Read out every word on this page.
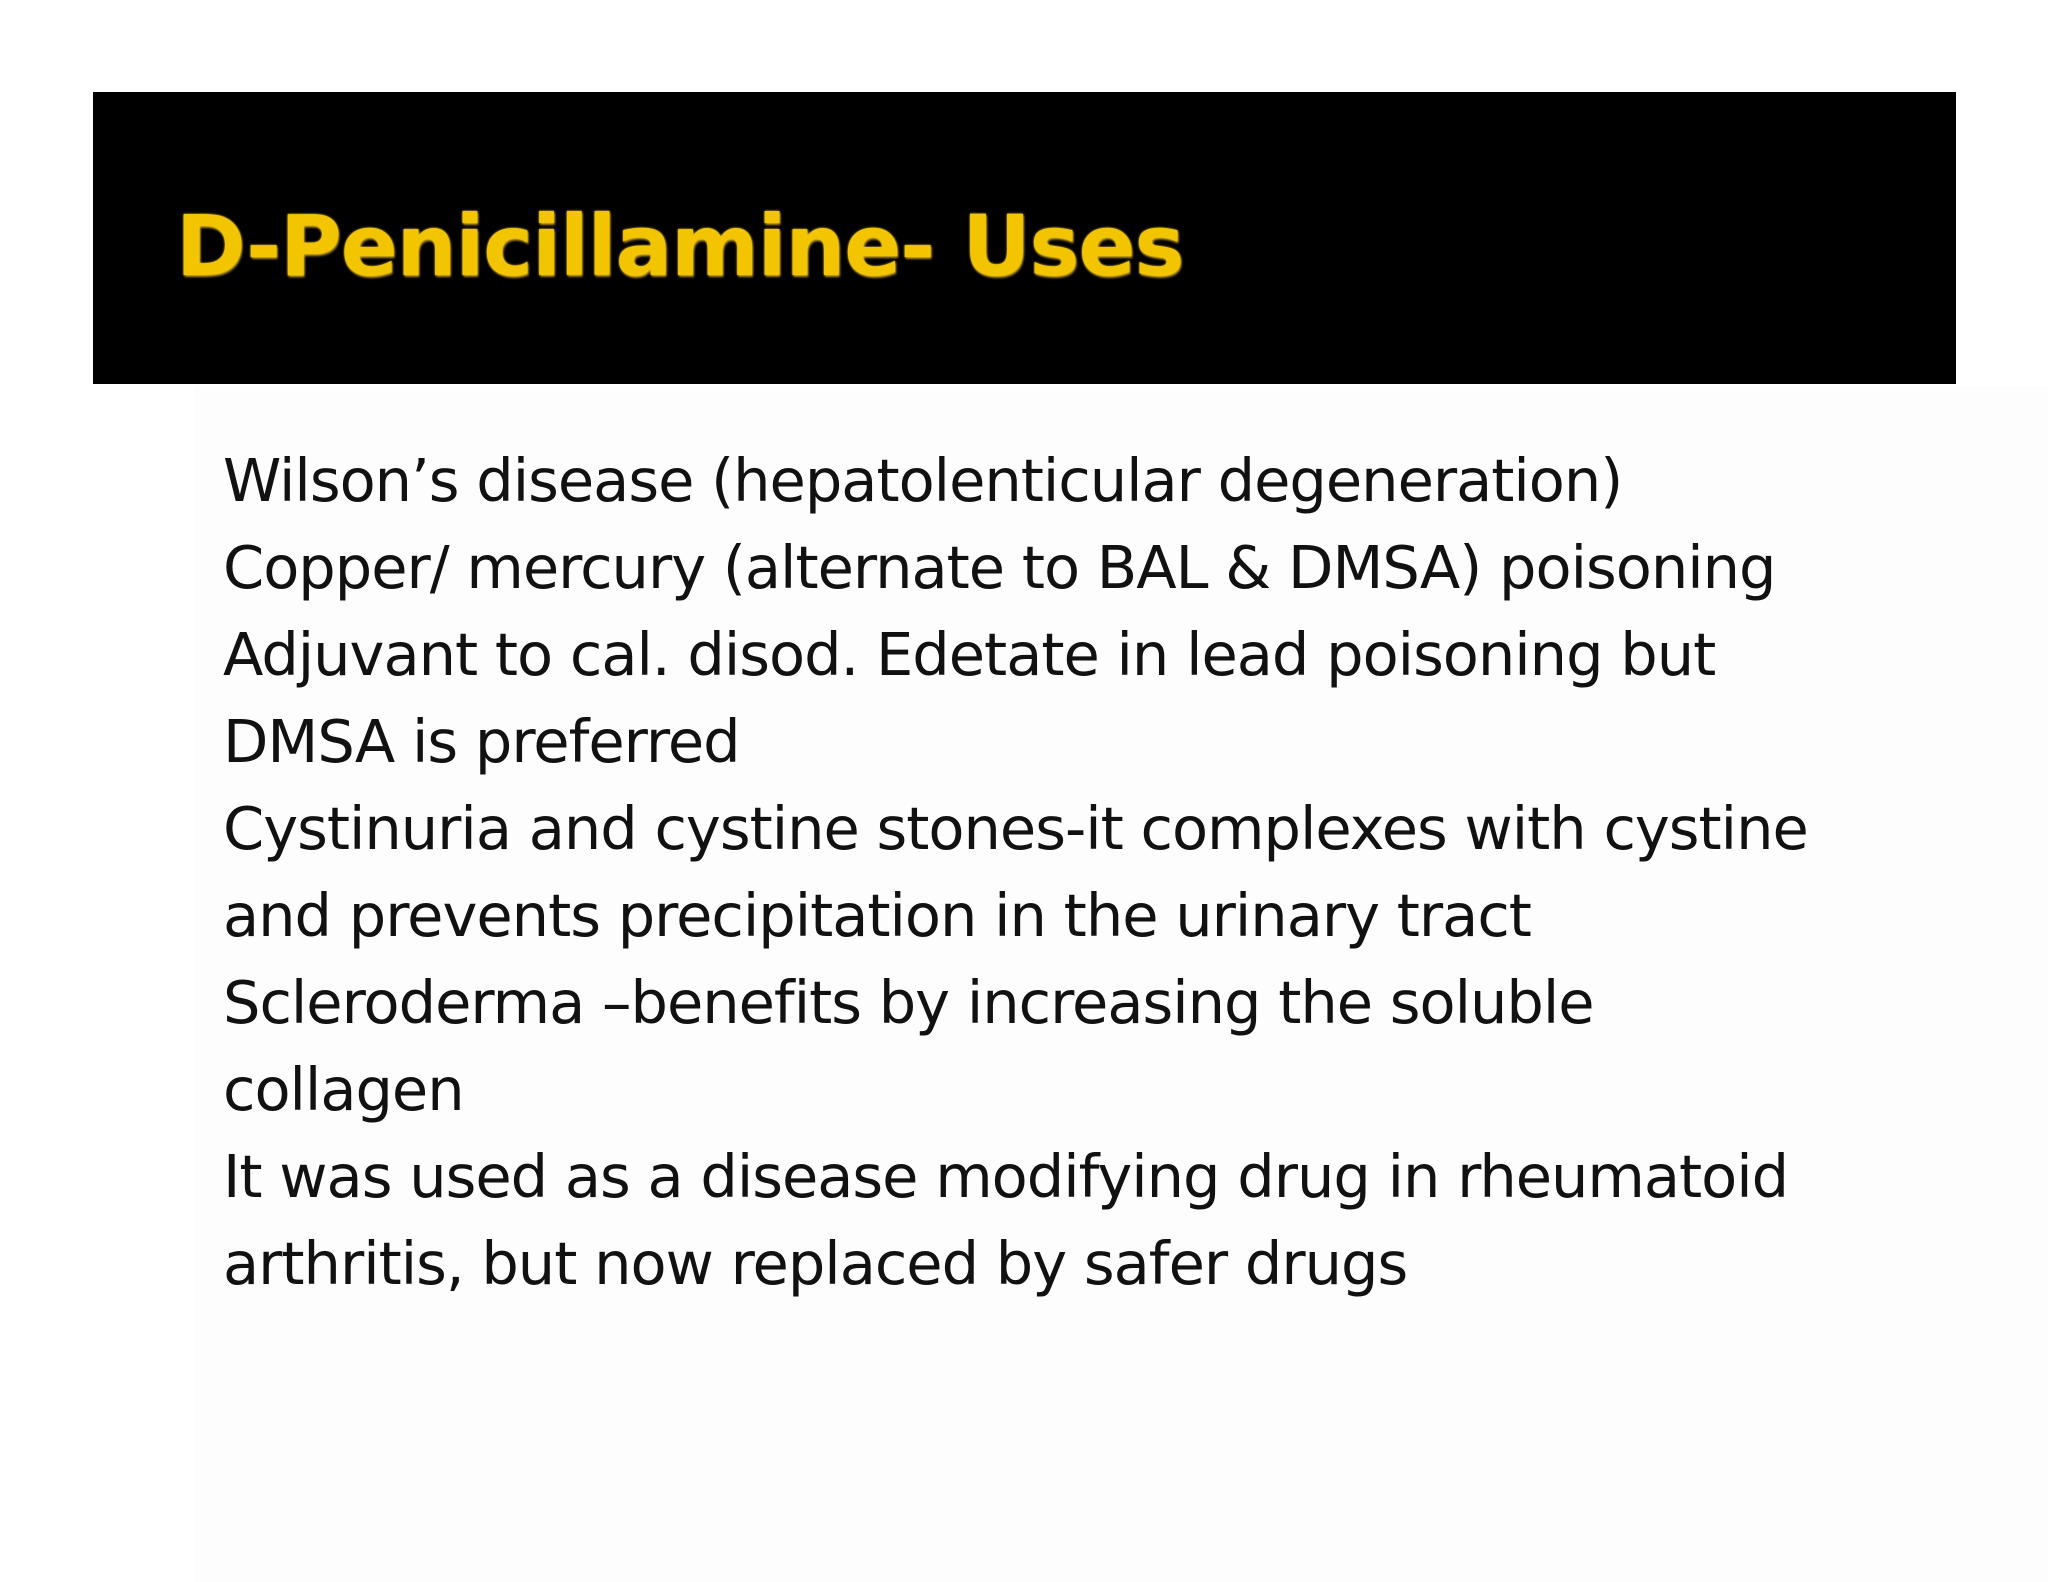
D-Penicillamine- Uses
Wilson’s disease (hepatolenticular degeneration)
Copper/ mercury (alternate to BAL & DMSA) poisoning
Adjuvant to cal. disod. Edetate in lead poisoning but
DMSA is preferred
Cystinuria and cystine stones-it complexes with cystine
and prevents precipitation in the urinary tract
Scleroderma –benefits by increasing the soluble
collagen
It was used as a disease modifying drug in rheumatoid
arthritis, but now replaced by safer drugs
